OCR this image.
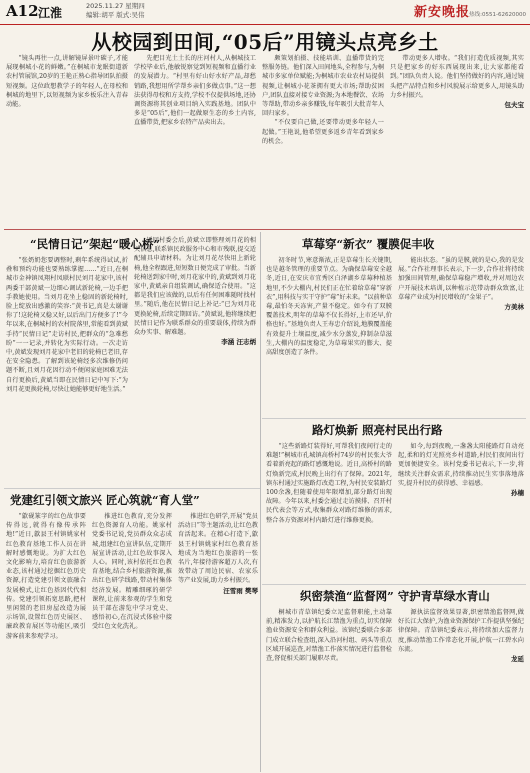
A12 江淮	2025.11.27 星期四
编辑:胡平 版式:吴伟	新安晚报 热线:0551-62620000
从校园到田间,“05后”用镜头点亮乡土

“镜头再往一点,讲解镜屏景叶碳子,才能展现桐城小花的鲜嫩。”在桐城市龙眠街道新农村管展馆,20岁的王艳正熟心指导团队拍摄短视频。这位政想教学子的年轻人,在母校和桐城的地里下,以短视频为家乡板乐注入青春动能。

先把目光土土长的庄河村人,从桐城技工学校毕业后,他敏锐察觉到短视频和直播行业的发展潜力。“村里有好山好水好产品,却愁销路,我想用所学帮乡亲们多做点事。”这一想法获得母校和方支持,学校不仅提供场地,还协调资源将其创业项目纳入实践基地。团队中多是“05后”,他们一起做原生态的乡土内容,直播带货,把家乡农特产品卖出去。

颇策划拍摄、技能培训、直播带货的完整服务链。他们深入田间地头,全程参与,为桐城市多家单位赋能;为桐城市农业农村局提供视频,让桐城小花茶拥有更大市场;帮助贫困户,团队直接对接专业资源;为本地餐饮、农场等帮助,带动乡亲多赚钱,每年吸引大批青年人回归家乡。

“不仅要自己做,还要带动更多年轻人一起做。”王艳说,他希望更多返乡青年看到家乡的机会。

带动更多人增收。“我们打造优质视频,其实只是把家乡的好东西展现出来,让大家都能看到。”团队负责人说。他们坚持做好的内容,通过镜头把产品特点和乡村风貌展示给更多人,用镜头助力乡村振兴。

包夫宝
“民情日记”架起“暖心桥”

“张奶奶您要调整时,剩年系统得试试,折叠和预约功能也要熟练掌握……”近日,在桐城市金神镇凤翔村凤联村民刘月花家中,该村两委干部黄斌一边细心调试新轮椅,一边手把手教她使用。当刘月花坐上稳固的新轮椅时,脸上绽放出感激的笑容:“黄书记,真是太谢谢你了!这轮椅又稳又好,以后出门方便多了!”今年以来,在桐城村的农村院落里,常能看到黄斌手持“民情日记”走访村民,把群众的“急难愁盼”一一记录,并转化为实际行动。一次走访中,黄斌发现刘月花家中老旧的轮椅已老旧,存在安全隐患。了解到该轮椅经多次维修仍问题不断,且刘月花因行动不便闲家庭困难无法自行更换后,黄斌当即在民情日记中写下:“为刘月花更换轮椅,尽快让她能够更好地生活。”

返回村委会后,黄斌立即整理刘月花的相关信息,联系镇民政服务中心和市残联,提交适配辅具申请材料。为让刘月花尽快用上新轮椅,他全程跟进,短短数日便完成了审批。当新轮椅送到家中时,刘月花家中的,黄斌到刘月花家中,黄斌亲自组装调试,确保适合使用。“这都是我们应该做的,以后有任何困难随时找村里。”随后,他在民情日记上补记:“已为刘月花更换轮椅,后续定期回访。”黄斌说,他将继续把民情日记作为联系群众的重要载体,持续为群众办实事、解难题。

李涵 汪志炳
草莓穿“新衣” 覆膜促丰收

初冬时节,寒意渐浓,正是草莓生长关键期,也是越冬管理的重要节点。为确保草莓安全越冬,近日,在安庆市宜秀区白泽湖乡草莓种植基地里,不少大棚内,村民们正在忙着给草莓“穿新衣”,用科技与实干守护“莓”好未来。“以前种草莓,最怕冬天冻害,产量不稳定。如今有了双膜覆盖技术,明年的草莓不仅长得好,上市还早,价格也好。”基地负责人王寿忠介绍说,地膜覆盖能有效提升土壤温度,减少水分蒸发,抑制杂草滋生,大棚内的温度稳定,为草莓果实的膨大、提高甜度创造了条件。

能出状态。“虽的是膜,就的是心,我的是发展。”合作社理事长表示,下一步,合作社将持续加强田间管理,确保草莓稳产增收,并对周边农户开展技术培训,以种植示范带动群众致富,让草莓产业成为村民增收的“金果子”。

方美林
路灯焕新 照亮村民出行路

“这些新路灯装得好,可帮我们夜间行走的难题!”桐城市孔城镇高桥村74岁的村民张大爷看着新亮起的路灯感慨地说。近日,高桥村的路灯焕新完成,村民晚上出行有了保障。2021年,镇东村通过实施路灯改造工程,为村民安装路灯100余盏,但随着使用年限增加,部分路灯出现故障。今年以来,村委会通过走访摸排、召开村民代表会等方式,收集群众对路灯维修的需求,整合各方资源对村内路灯进行维修更换。

如今,每到夜晚,一盏盏太阳能路灯自动亮起,柔和的灯光照亮乡村道路,村民们夜间出行更加便捷安全。该村党委书记表示,下一步,将继续关注群众需求,持续推动民生实事落地落实,提升村民的获得感、幸福感。

孙楠
党建红引领文旅兴 匠心筑就“育人堂”

“歙砚篆字的红色故事要传得远,就得有像传承阵地!”近日,歙县王村镇姚家村红色教育基地工作人员在讲解时感慨地说。为扩大红色文化影响力,培育红色旅游新业态,该村通过挖掘红色历史资源,打造党建引领文旅融合发展模式,让红色基因代代相传。党建引领拓宽思路,把村里闲置的老旧房屋改造为展示场馆,设置红色历史展区、廉政教育展区等功能区,吸引游客前来参观学习。

推进红色教育,充分发挥红色资源育人功能。姚家村党委书记说,党员群众众志成城,组建红色宣讲队伍,定期开展宣讲活动,让红色故事深入人心。同时,该村依托红色教育基地,结合乡村旅游资源,推出红色研学线路,带动村集体经济发展。精雕细琢的研学课程,让前来参观的学生和党员干部在游览中学习党史、感悟初心,在沉浸式体验中接受红色文化洗礼。

推进红色研学,开展“党员活动日”等主题活动,让红色教育活起来。在精心打造下,歙县王村镇姚家村红色教育基地成为当地红色旅游的一张名片,年接待游客超万人次,有效带动了周边民宿、农家乐等产业发展,助力乡村振兴。

汪雪雨 樊琴	织密禁渔“监督网” 守护青草绿水青山

桐城市青草镇纪委立足监督职能,主动靠前,精准发力,以护航长江禁渔为重点,切实保障渔业资源安全和群众利益。该镇纪委联合多部门成立联合检查组,深入沿河村组、码头等重点区域开展巡查,对禁渔工作落实情况进行监督检查,督促相关部门履职尽责。

源执法监督效果显著,织密禁渔监督网,做好长江大保护,为渔业资源保护工作提供坚强纪律保障。青草镇纪委表示,将持续加大监督力度,推动禁渔工作常态化开展,护航一江碧水向东流。

龙延
